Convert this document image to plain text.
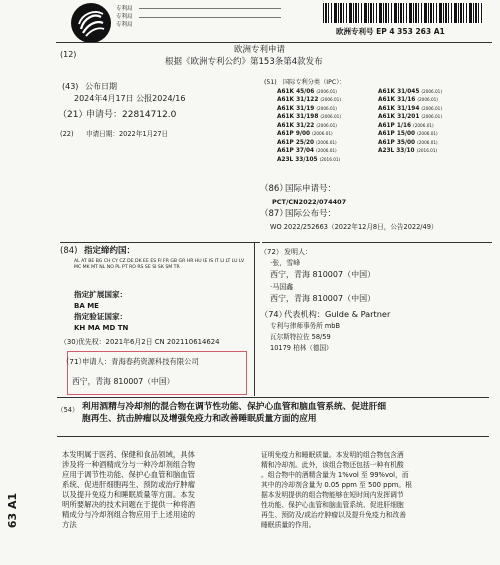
专利局
专利局
专利局
欧洲专利号 EP 4 353 263 A1
(12)	欧洲专利申请
根据《欧洲专利公约》第153条第4款发布
(43) 公布日期
2024年4月17日 公报2024/16
（21）
申请号：22814712.0
(22) 申请日期：2022年1月27日
(51) 国际专利分类（IPC）：
A61K 45/06 (2006.01)	A61K 31/045 (2006.01)
A61K 31/122 (2006.01)	A61K 31/16 (2006.01)
A61K 31/19 (2006.01)	A61K 31/194 (2006.01)
A61K 31/198 (2006.01)	A61K 31/201 (2006.01)
A61K 31/22 (2006.01)	A61P 1/16 (2006.01)
A61P 9/00 (2006.01)	A61P 15/00 (2006.01)
A61P 25/20 (2006.01)	A61P 35/00 (2006.01)
A61P 37/04 (2006.01)	A23L 33/10 (2016.01)
A23L 33/105 (2016.01)
（86）
国际申请号：
PCT/CN2022/074407
（87）
国际公布号：
WO 2022/252663（2022年12月8日，公告2022/49）
(84) 指定缔约国：
AL AT BE BG CH CY CZ DE DK EE ES FI FR GB GR HR HU IE IS IT LI LT LU LV MC MK MT NL NO PL PT RO RS SE SI SK SM TR
指定扩展国家：
BA ME
指定验证国家：
KH MA MD TN
（30）
优先权：2021年6月2日 CN 202110614624
（71）
申请人：青海春药资源科技有限公司
西宁，青海 810007（中国）
（72） 发明人：
·张，雪峰
西宁，青海 810007（中国）
·马国鑫
西宁，青海 810007（中国）
（74）
代表机构：Gulde & Partner
专利与律师事务所 mbB
瓦尔斯特拉佐 58/59
10179 柏林（德国）
（54） 利用酒精与冷却剂的混合物在调节性功能、保护心血管和脑血管系统、促进肝细
胞再生、抗击肿瘤以及增强免疫力和改善睡眠质量方面的应用
本发明属于医药、保健和食品领域，具体
涉及将一种酒精成分与一种冷却剂组合物
应用于调节性功能、保护心血管和脑血管
系统、促进肝细胞再生、预防或治疗肿瘤
以及提升免疫力和睡眠质量等方面。本发
明所要解决的技术问题在于提供一种将酒
精成分与冷却剂组合物应用于上述用途的
方法
证明免疫力和睡眠质量。本发明的组合物包含酒
精和冷却剂。此外，该组合物还包括一种有机酸
。组合物中的酒精含量为 1%vol 至 99%vol，而
其中的冷却剂含量为 0.05 ppm 至 500 ppm。根
据本发明提供的组合物能够在短时间内发挥调节
性功能、保护心血管和脑血管系统、促进肝细胞
再生、预防及/或治疗肿瘤以及提升免疫力和改善
睡眠质量的作用。
63 A1
